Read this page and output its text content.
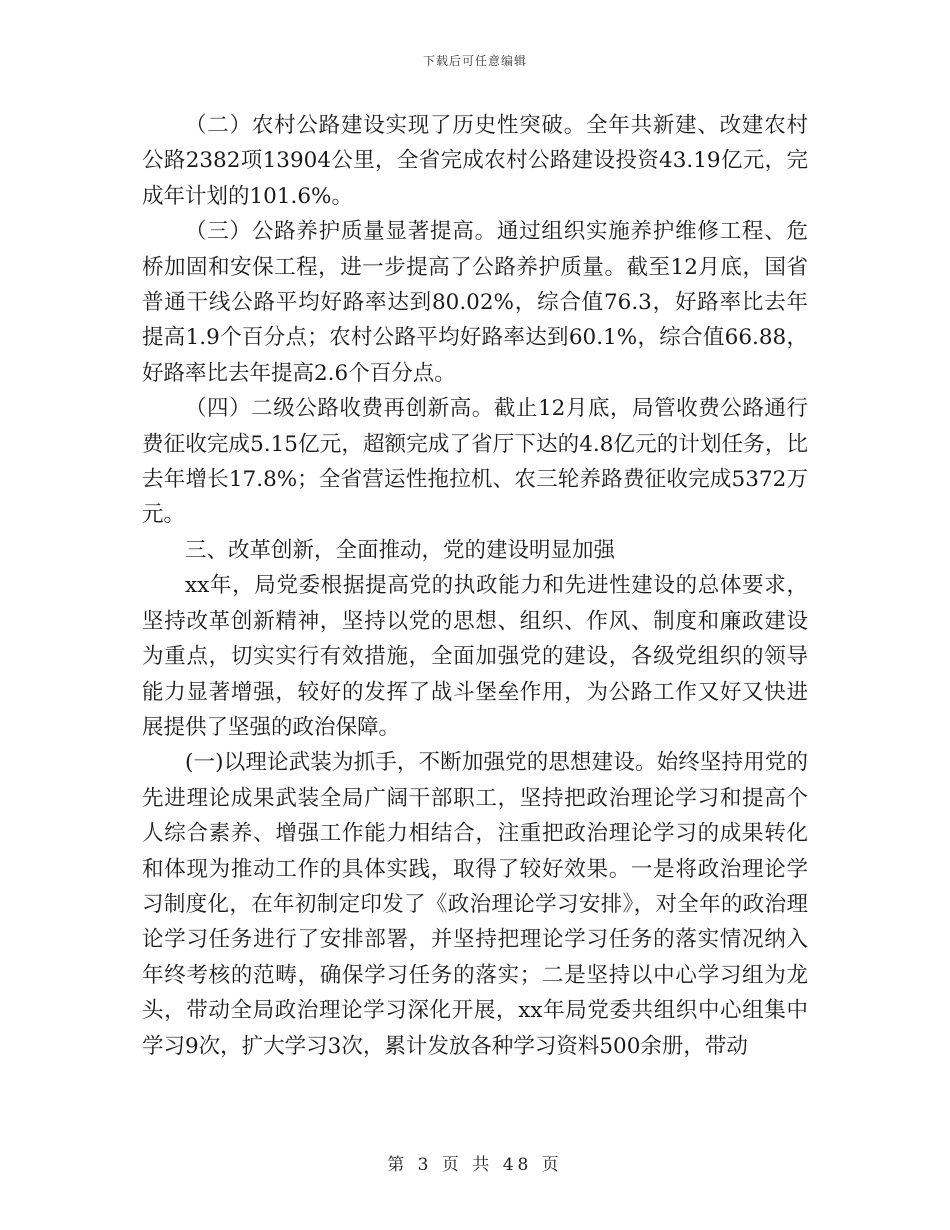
下载后可任意编辑

（二）农村公路建设实现了历史性突破。全年共新建、改建农村公路2382项13904公里，全省完成农村公路建设投资43.19亿元，完成年计划的101.6%。

（三）公路养护质量显著提高。通过组织实施养护维修工程、危桥加固和安保工程，进一步提高了公路养护质量。截至12月底，国省普通干线公路平均好路率达到80.02%，综合值76.3，好路率比去年提高1.9个百分点；农村公路平均好路率达到60.1%，综合值66.88，好路率比去年提高2.6个百分点。

（四）二级公路收费再创新高。截止12月底，局管收费公路通行费征收完成5.15亿元，超额完成了省厅下达的4.8亿元的计划任务，比去年增长17.8%；全省营运性拖拉机、农三轮养路费征收完成5372万元。

三、改革创新，全面推动，党的建设明显加强

xx年，局党委根据提高党的执政能力和先进性建设的总体要求，坚持改革创新精神，坚持以党的思想、组织、作风、制度和廉政建设为重点，切实实行有效措施，全面加强党的建设，各级党组织的领导能力显著增强，较好的发挥了战斗堡垒作用，为公路工作又好又快进展提供了坚强的政治保障。

(一)以理论武装为抓手，不断加强党的思想建设。始终坚持用党的先进理论成果武装全局广阔干部职工，坚持把政治理论学习和提高个人综合素养、增强工作能力相结合，注重把政治理论学习的成果转化和体现为推动工作的具体实践，取得了较好效果。一是将政治理论学习制度化，在年初制定印发了《政治理论学习安排》，对全年的政治理论学习任务进行了安排部署，并坚持把理论学习任务的落实情况纳入年终考核的范畴，确保学习任务的落实；二是坚持以中心学习组为龙头，带动全局政治理论学习深化开展，xx年局党委共组织中心组集中学习9次，扩大学习3次，累计发放各种学习资料500余册，带动

第 3 页 共 48 页
